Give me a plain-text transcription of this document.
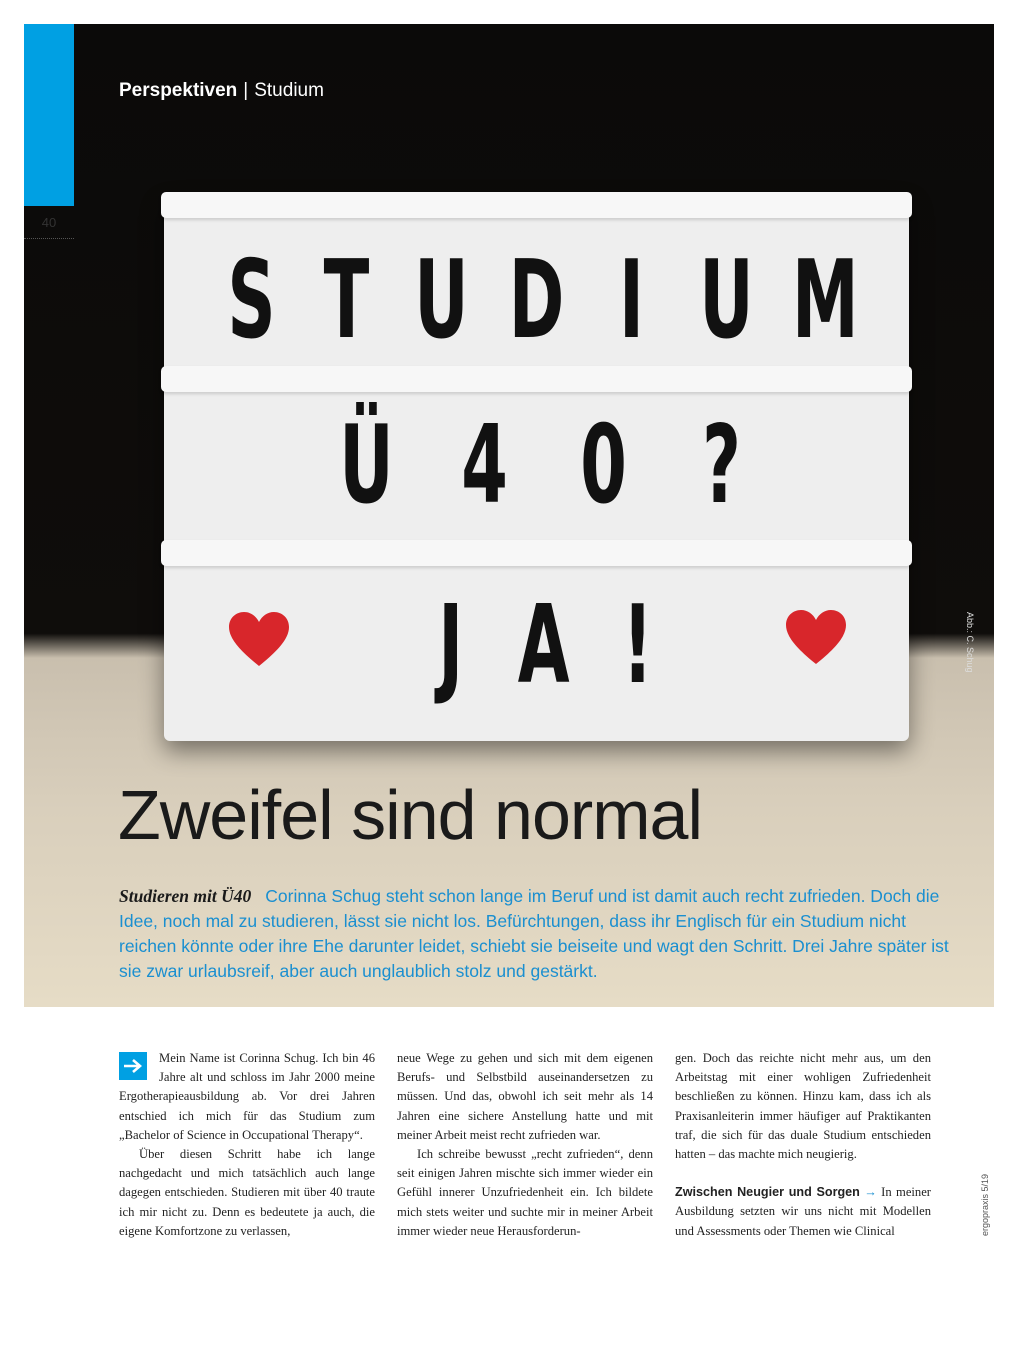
S T U D I U M
Ü 4 0 ?
J A !
40
Perspektiven | Studium
Abb.: C. Schug
Zweifel sind normal
Studieren mit Ü40 Corinna Schug steht schon lange im Beruf und ist damit auch recht zufrieden. Doch die Idee, noch mal zu studieren, lässt sie nicht los. Befürchtungen, dass ihr Englisch für ein Studium nicht reichen könnte oder ihre Ehe darunter leidet, schiebt sie beiseite und wagt den Schritt. Drei Jahre später ist sie zwar urlaubsreif, aber auch unglaublich stolz und gestärkt.

Mein Name ist Corinna Schug. Ich bin 46 Jahre alt und schloss im Jahr 2000 meine Ergotherapieausbildung ab. Vor drei Jahren entschied ich mich für das Studium zum „Bachelor of Science in Occupational Therapy“.

Über diesen Schritt habe ich lange nachgedacht und mich tatsächlich auch lange dagegen entschieden. Studieren mit über 40 traute ich mir nicht zu. Denn es bedeutete ja auch, die eigene Komfortzone zu verlassen,

neue Wege zu gehen und sich mit dem eigenen Berufs- und Selbstbild auseinandersetzen zu müssen. Und das, obwohl ich seit mehr als 14 Jahren eine sichere Anstellung hatte und mit meiner Arbeit meist recht zufrieden war.

Ich schreibe bewusst „recht zufrieden“, denn seit einigen Jahren mischte sich immer wieder ein Gefühl innerer Unzufriedenheit ein. Ich bildete mich stets weiter und suchte mir in meiner Arbeit immer wieder neue Herausforderun-

gen. Doch das reichte nicht mehr aus, um den Arbeitstag mit einer wohligen Zufriedenheit beschließen zu können. Hinzu kam, dass ich als Praxisanleiterin immer häufiger auf Praktikanten traf, die sich für das duale Studium entschieden hatten – das machte mich neugierig.

Zwischen Neugier und Sorgen → In meiner Ausbildung setzten wir uns nicht mit Modellen und Assessments oder Themen wie Clinical	ergopraxis 5/19
